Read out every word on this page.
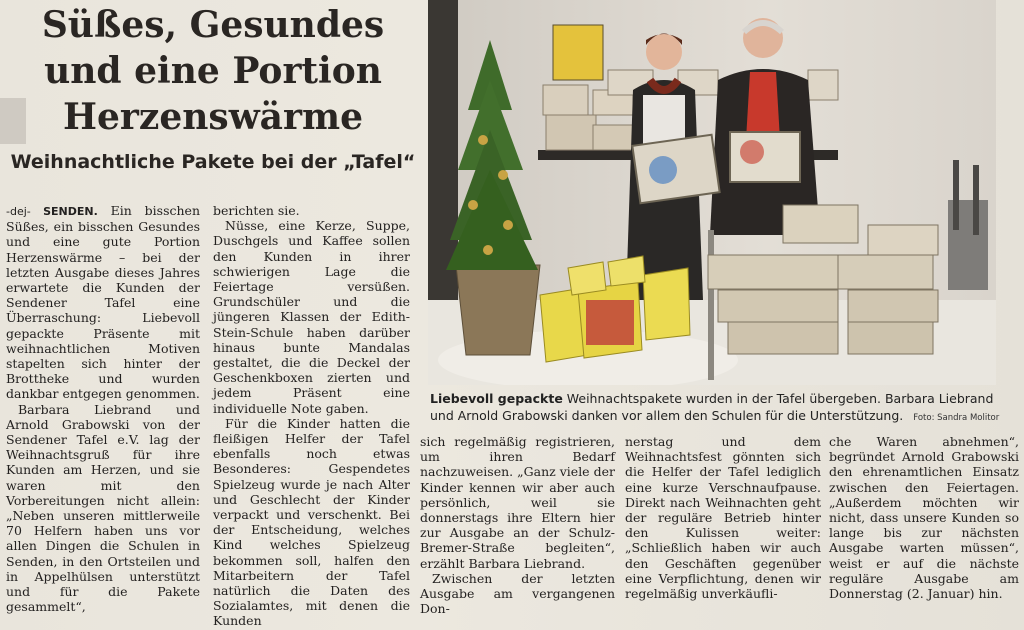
Süßes, Gesundes
und eine Portion
Herzenswärme
Weihnachtliche Pakete bei der „Tafel“
Liebevoll gepackte Weihnachtspakete wurden in der Tafel übergeben. Barbara Liebrand und Arnold Grabowski danken vor allem den Schulen für die Unterstützung. Foto: Sandra Molitor

-dej- SENDEN. Ein bisschen Süßes, ein bisschen Gesundes und eine gute Portion Herzenswärme – bei der letzten Ausgabe dieses Jahres erwartete die Kunden der Sendener Tafel eine Überraschung: Liebevoll gepackte Präsente mit weihnachtlichen Motiven stapelten sich hinter der Brottheke und wurden dankbar entgegen genommen.

Barbara Liebrand und Arnold Grabowski von der Sendener Tafel e.V. lag der Weihnachtsgruß für ihre Kunden am Herzen, und sie waren mit den Vorbereitungen nicht allein: „Neben unseren mittlerweile 70 Helfern haben uns vor allen Dingen die Schulen in Senden, in den Ortsteilen und in Appelhülsen unterstützt und für die Pakete gesammelt“,

berichten sie.

Nüsse, eine Kerze, Suppe, Duschgels und Kaffee sollen den Kunden in ihrer schwierigen Lage die Feiertage versüßen. Grundschüler und die jüngeren Klassen der Edith-Stein-Schule haben darüber hinaus bunte Mandalas gestaltet, die die Deckel der Geschenkboxen zierten und jedem Präsent eine individuelle Note gaben.

Für die Kinder hatten die fleißigen Helfer der Tafel ebenfalls noch etwas Besonderes: Gespendetes Spielzeug wurde je nach Alter und Geschlecht der Kinder verpackt und verschenkt. Bei der Entscheidung, welches Kind welches Spielzeug bekommen soll, halfen den Mitarbeitern der Tafel natürlich die Daten des Sozialamtes, mit denen die Kunden

sich regelmäßig registrieren, um ihren Bedarf nachzuweisen. „Ganz viele der Kinder kennen wir aber auch persönlich, weil sie donnerstags ihre Eltern hier zur Ausgabe an der Schulz-Bremer-Straße begleiten“, erzählt Barbara Liebrand.

Zwischen der letzten Ausgabe am vergangenen Don-

nerstag und dem Weihnachtsfest gönnten sich die Helfer der Tafel lediglich eine kurze Verschnaufpause. Direkt nach Weihnachten geht der reguläre Betrieb hinter den Kulissen weiter: „Schließlich haben wir auch den Geschäften gegenüber eine Verpflichtung, denen wir regelmäßig unverkäufli-

che Waren abnehmen“, begründet Arnold Grabowski den ehrenamtlichen Einsatz zwischen den Feiertagen. „Außerdem möchten wir nicht, dass unsere Kunden so lange bis zur nächsten Ausgabe warten müssen“, weist er auf die nächste reguläre Ausgabe am Donnerstag (2. Januar) hin.
